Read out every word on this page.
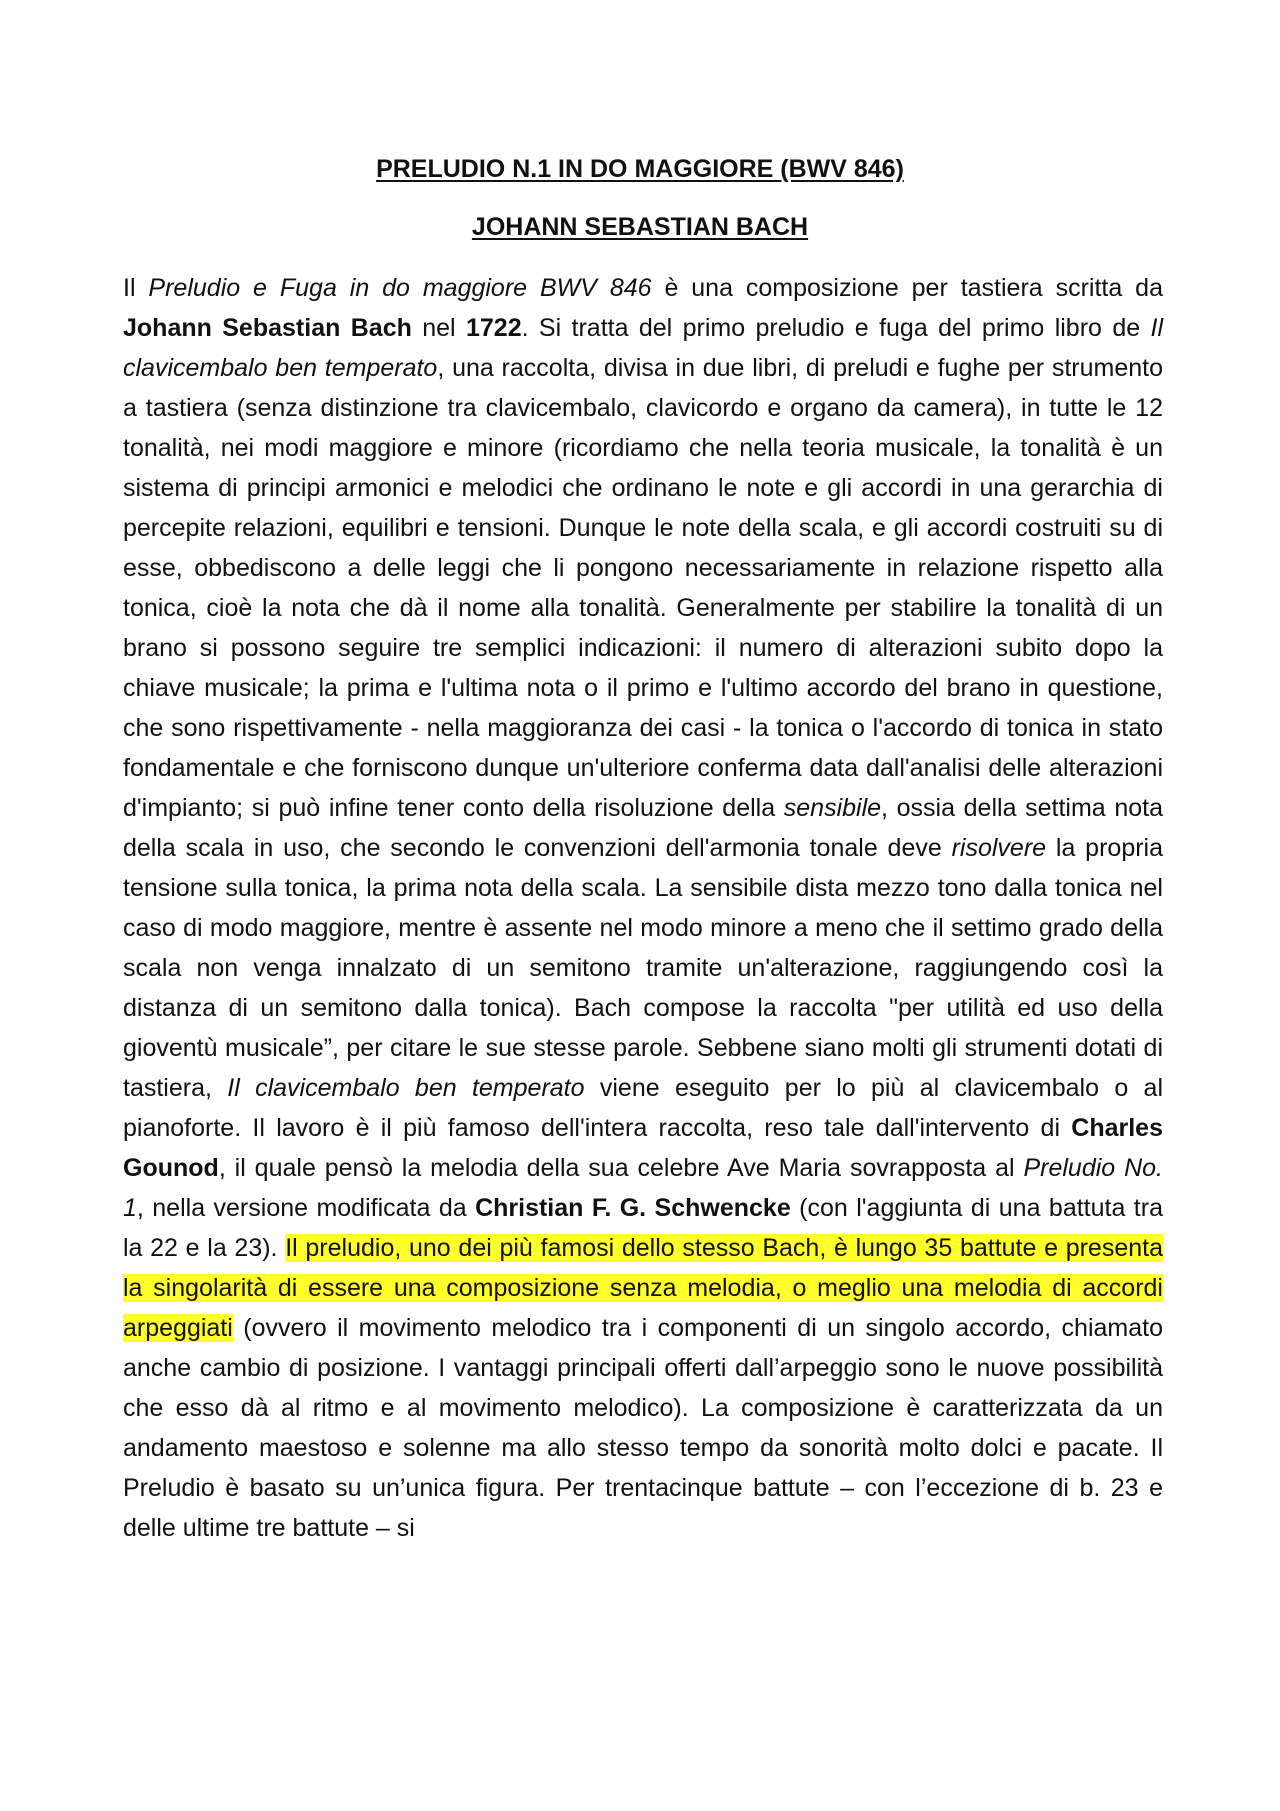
PRELUDIO N.1 IN DO MAGGIORE (BWV 846)

JOHANN SEBASTIAN BACH

Il Preludio e Fuga in do maggiore BWV 846 è una composizione per tastiera scritta da Johann Sebastian Bach nel 1722. Si tratta del primo preludio e fuga del primo libro de Il clavicembalo ben temperato, una raccolta, divisa in due libri, di preludi e fughe per strumento a tastiera (senza distinzione tra clavicembalo, clavicordo e organo da camera), in tutte le 12 tonalità, nei modi maggiore e minore (ricordiamo che nella teoria musicale, la tonalità è un sistema di principi armonici e melodici che ordinano le note e gli accordi in una gerarchia di percepite relazioni, equilibri e tensioni. Dunque le note della scala, e gli accordi costruiti su di esse, obbediscono a delle leggi che li pongono necessariamente in relazione rispetto alla tonica, cioè la nota che dà il nome alla tonalità. Generalmente per stabilire la tonalità di un brano si possono seguire tre semplici indicazioni: il numero di alterazioni subito dopo la chiave musicale; la prima e l'ultima nota o il primo e l'ultimo accordo del brano in questione, che sono rispettivamente - nella maggioranza dei casi - la tonica o l'accordo di tonica in stato fondamentale e che forniscono dunque un'ulteriore conferma data dall'analisi delle alterazioni d'impianto; si può infine tener conto della risoluzione della sensibile, ossia della settima nota della scala in uso, che secondo le convenzioni dell'armonia tonale deve risolvere la propria tensione sulla tonica, la prima nota della scala. La sensibile dista mezzo tono dalla tonica nel caso di modo maggiore, mentre è assente nel modo minore a meno che il settimo grado della scala non venga innalzato di un semitono tramite un'alterazione, raggiungendo così la distanza di un semitono dalla tonica). Bach compose la raccolta "per utilità ed uso della gioventù musicale”, per citare le sue stesse parole. Sebbene siano molti gli strumenti dotati di tastiera, Il clavicembalo ben temperato viene eseguito per lo più al clavicembalo o al pianoforte. Il lavoro è il più famoso dell'intera raccolta, reso tale dall'intervento di Charles Gounod, il quale pensò la melodia della sua celebre Ave Maria sovrapposta al Preludio No. 1, nella versione modificata da Christian F. G. Schwencke (con l'aggiunta di una battuta tra la 22 e la 23). Il preludio, uno dei più famosi dello stesso Bach, è lungo 35 battute e presenta la singolarità di essere una composizione senza melodia, o meglio una melodia di accordi arpeggiati (ovvero il movimento melodico tra i componenti di un singolo accordo, chiamato anche cambio di posizione. I vantaggi principali offerti dall’arpeggio sono le nuove possibilità che esso dà al ritmo e al movimento melodico). La composizione è caratterizzata da un andamento maestoso e solenne ma allo stesso tempo da sonorità molto dolci e pacate. Il Preludio è basato su un’unica figura. Per trentacinque battute – con l’eccezione di b. 23 e delle ultime tre battute – si
